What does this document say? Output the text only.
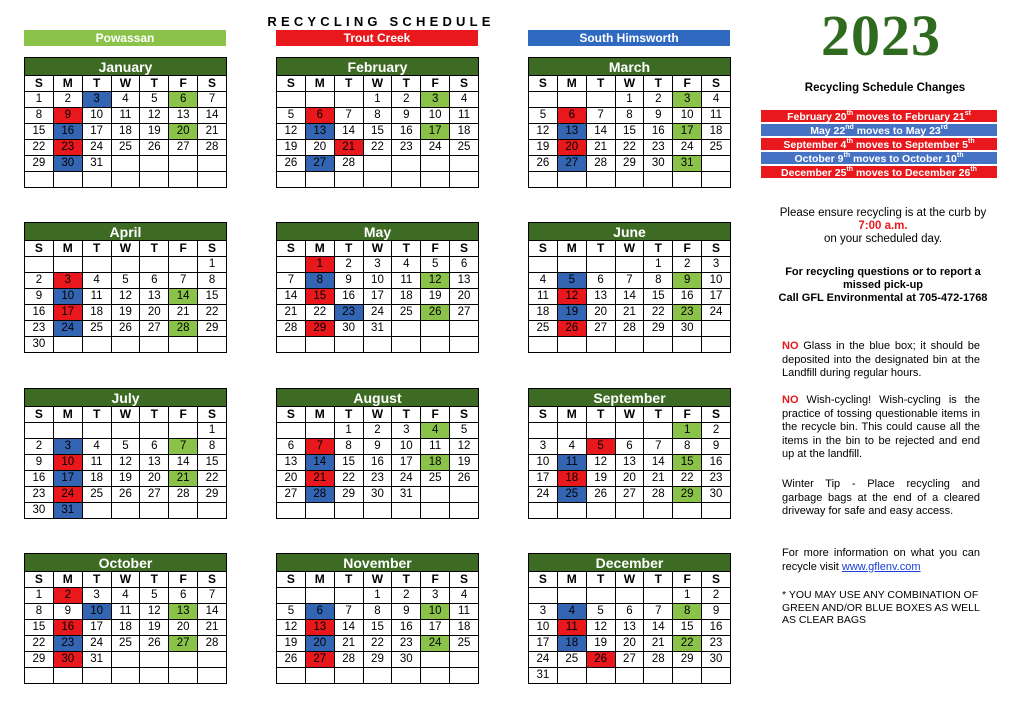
RECYCLING SCHEDULE
Powassan	Trout Creek	South Himsworth
January
S	M	T	W	T	F	S
1	2	3	4	5	6	7
8	9	10	11	12	13	14
15	16	17	18	19	20	21
22	23	24	25	26	27	28
29	30	31				

February
S	M	T	W	T	F	S
			1	2	3	4
5	6	7	8	9	10	11
12	13	14	15	16	17	18
19	20	21	22	23	24	25
26	27	28				

March
S	M	T	W	T	F	S
			1	2	3	4
5	6	7	8	9	10	11
12	13	14	15	16	17	18
19	20	21	22	23	24	25
26	27	28	29	30	31	

April
S	M	T	W	T	F	S
						1
2	3	4	5	6	7	8
9	10	11	12	13	14	15
16	17	18	19	20	21	22
23	24	25	26	27	28	29
30						
May
S	M	T	W	T	F	S
	1	2	3	4	5	6
7	8	9	10	11	12	13
14	15	16	17	18	19	20
21	22	23	24	25	26	27
28	29	30	31			

June
S	M	T	W	T	F	S
				1	2	3
4	5	6	7	8	9	10
11	12	13	14	15	16	17
18	19	20	21	22	23	24
25	26	27	28	29	30	

July
S	M	T	W	T	F	S
						1
2	3	4	5	6	7	8
9	10	11	12	13	14	15
16	17	18	19	20	21	22
23	24	25	26	27	28	29
30	31					
August
S	M	T	W	T	F	S
		1	2	3	4	5
6	7	8	9	10	11	12
13	14	15	16	17	18	19
20	21	22	23	24	25	26
27	28	29	30	31		

September
S	M	T	W	T	F	S
					1	2
3	4	5	6	7	8	9
10	11	12	13	14	15	16
17	18	19	20	21	22	23
24	25	26	27	28	29	30

October
S	M	T	W	T	F	S
1	2	3	4	5	6	7
8	9	10	11	12	13	14
15	16	17	18	19	20	21
22	23	24	25	26	27	28
29	30	31				

November
S	M	T	W	T	F	S
			1	2	3	4
5	6	7	8	9	10	11
12	13	14	15	16	17	18
19	20	21	22	23	24	25
26	27	28	29	30		

December
S	M	T	W	T	F	S
					1	2
3	4	5	6	7	8	9
10	11	12	13	14	15	16
17	18	19	20	21	22	23
24	25	26	27	28	29	30
31						
2023
Recycling Schedule Changes
February 20th moves to February 21st
May 22nd moves to May 23rd
September 4th moves to September 5th
October 9th moves to October 10th
December 25th moves to December 26th
Please ensure recycling is at the curb by
7:00 a.m.
on your scheduled day.
For recycling questions or to report a
missed pick-up
Call GFL Environmental at 705-472-1768
NO Glass in the blue box; it should be deposited into the designated bin at the Landfill during regular hours.
NO Wish-cycling! Wish-cycling is the practice of tossing questionable items in the recycle bin. This could cause all the items in the bin to be rejected and end up at the landfill.
Winter Tip - Place recycling and garbage bags at the end of a cleared driveway for safe and easy access.
For more information on what you can recycle visit www.gflenv.com
* YOU MAY USE ANY COMBINATION OF GREEN AND/OR BLUE BOXES AS WELL AS CLEAR BAGS
